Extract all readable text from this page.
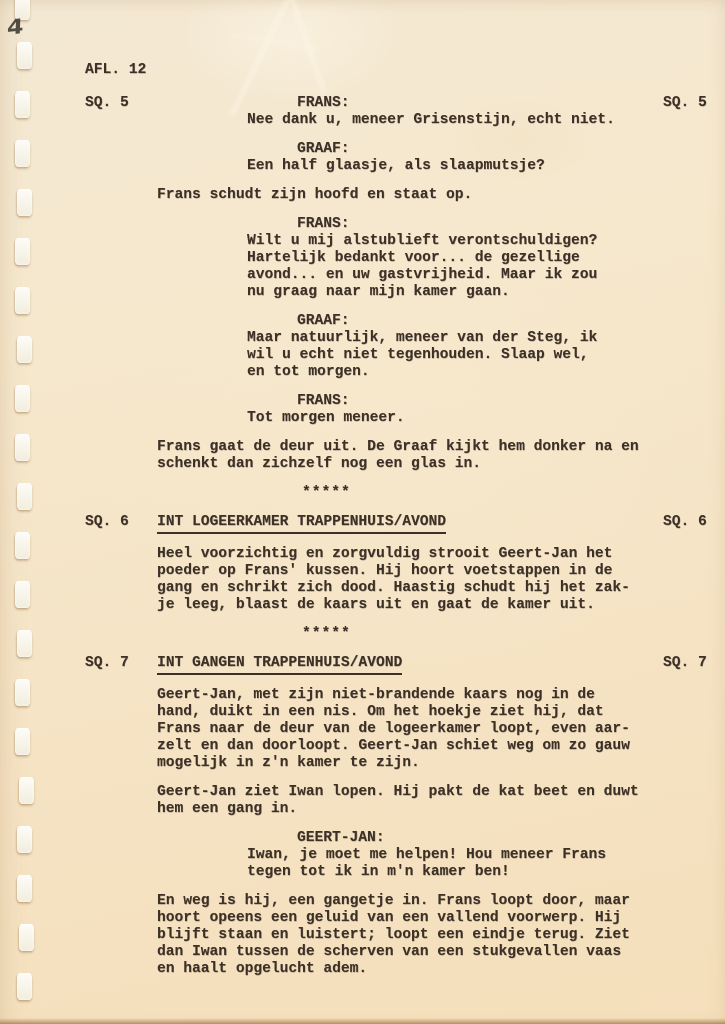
4
AFL. 12
SQ. 5	SQ. 5
FRANS:
Nee dank u, meneer Grisenstijn, echt niet.
GRAAF:
Een half glaasje, als slaapmutsje?
Frans schudt zijn hoofd en staat op.
FRANS:
Wilt u mij alstublieft verontschuldigen?
Hartelijk bedankt voor... de gezellige
avond... en uw gastvrijheid. Maar ik zou
nu graag naar mijn kamer gaan.
GRAAF:
Maar natuurlijk, meneer van der Steg, ik
wil u echt niet tegenhouden. Slaap wel,
en tot morgen.
FRANS:
Tot morgen meneer.
Frans gaat de deur uit. De Graaf kijkt hem donker na en
schenkt dan zichzelf nog een glas in.
*****
SQ. 6	SQ. 6
INT LOGEERKAMER TRAPPENHUIS/AVOND
Heel voorzichtig en zorgvuldig strooit Geert-Jan het
poeder op Frans' kussen. Hij hoort voetstappen in de
gang en schrikt zich dood. Haastig schudt hij het zak-
je leeg, blaast de kaars uit en gaat de kamer uit.
*****
SQ. 7	SQ. 7
INT GANGEN TRAPPENHUIS/AVOND
Geert-Jan, met zijn niet-brandende kaars nog in de
hand, duikt in een nis. Om het hoekje ziet hij, dat
Frans naar de deur van de logeerkamer loopt, even aar-
zelt en dan doorloopt. Geert-Jan schiet weg om zo gauw
mogelijk in z'n kamer te zijn.
Geert-Jan ziet Iwan lopen. Hij pakt de kat beet en duwt
hem een gang in.
GEERT-JAN:
Iwan, je moet me helpen! Hou meneer Frans
tegen tot ik in m'n kamer ben!
En weg is hij, een gangetje in. Frans loopt door, maar
hoort opeens een geluid van een vallend voorwerp. Hij
blijft staan en luistert; loopt een eindje terug. Ziet
dan Iwan tussen de scherven van een stukgevallen vaas
en haalt opgelucht adem.
